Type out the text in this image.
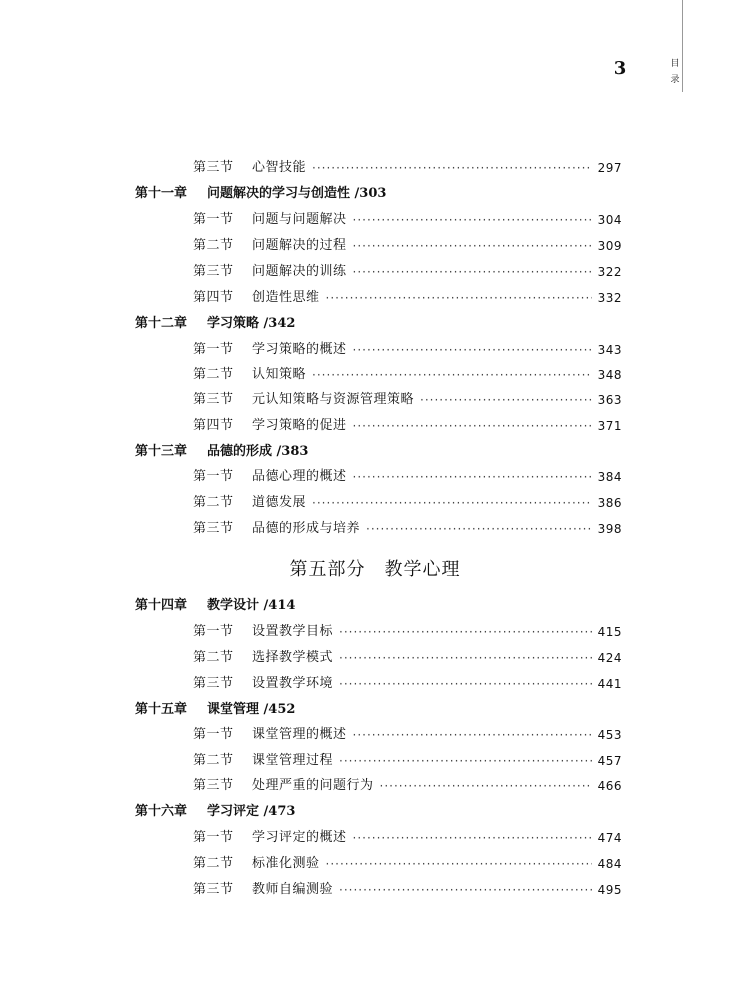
目
录
3
第五部分　教学心理
第三节	心智技能 ·····	297
第十一章	问题解决的学习与创造性 /303
第一节	问题与问题解决 ·····	304
第二节	问题解决的过程 ·····	309
第三节	问题解决的训练 ·····	322
第四节	创造性思维 ·····	332
第十二章	学习策略 /342
第一节	学习策略的概述 ·····	343
第二节	认知策略 ·····	348
第三节	元认知策略与资源管理策略 ·····	363
第四节	学习策略的促进 ·····	371
第十三章	品德的形成 /383
第一节	品德心理的概述 ·····	384
第二节	道德发展 ·····	386
第三节	品德的形成与培养 ·····	398
第十四章	教学设计 /414
第一节	设置教学目标 ·····	415
第二节	选择教学模式 ·····	424
第三节	设置教学环境 ·····	441
第十五章	课堂管理 /452
第一节	课堂管理的概述 ·····	453
第二节	课堂管理过程 ·····	457
第三节	处理严重的问题行为 ·····	466
第十六章	学习评定 /473
第一节	学习评定的概述 ·····	474
第二节	标准化测验 ·····	484
第三节	教师自编测验 ·····	495
